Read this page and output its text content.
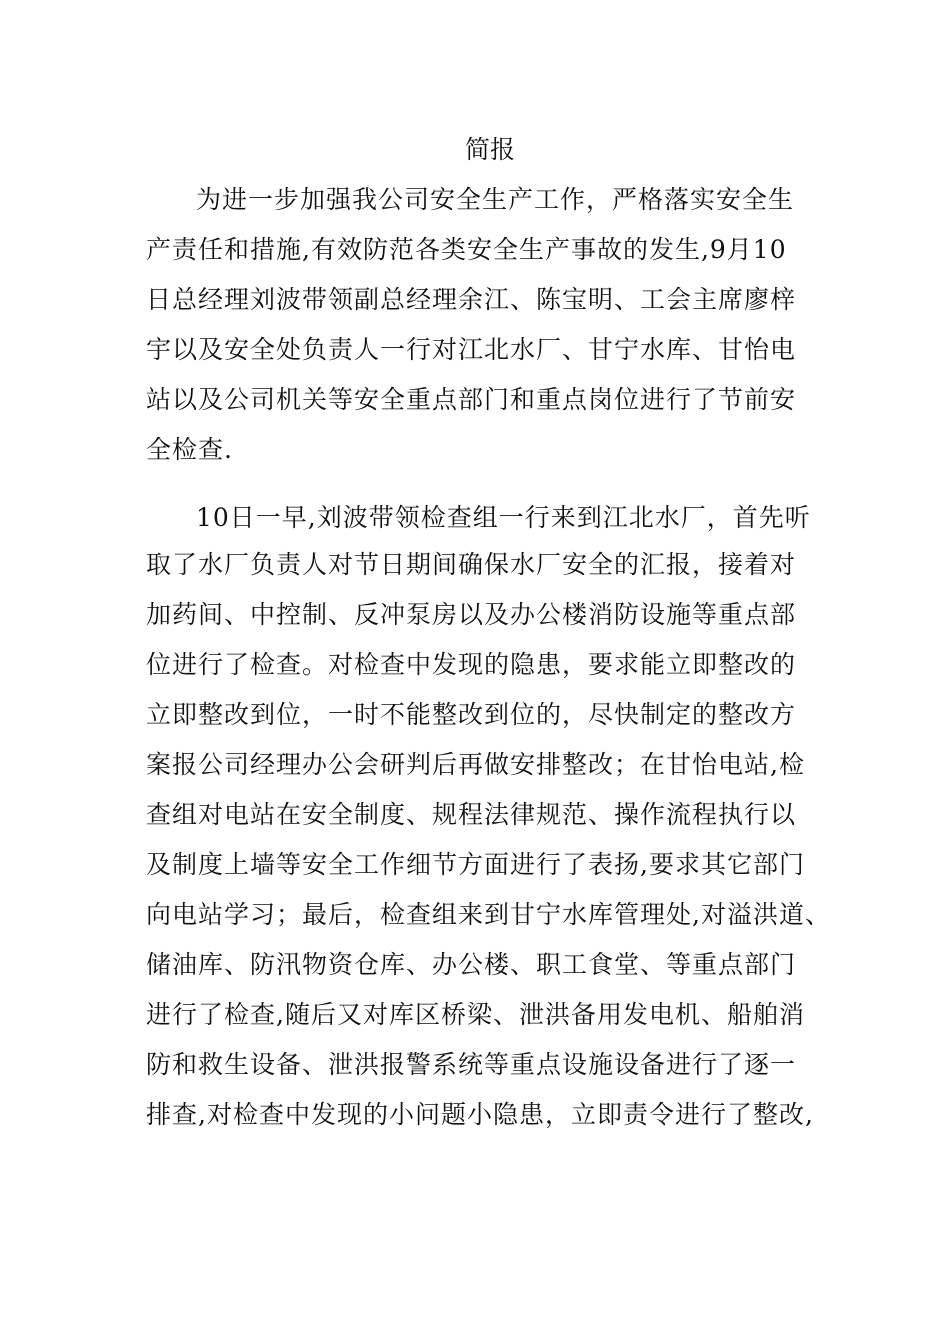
简报
为进一步加强我公司安全生产工作，严格落实安全生
产责任和措施,有效防范各类安全生产事故的发生,9月10
日总经理刘波带领副总经理余江、陈宝明、工会主席廖梓
宇以及安全处负责人一行对江北水厂、甘宁水库、甘怡电
站以及公司机关等安全重点部门和重点岗位进行了节前安
全检查.
10日一早,刘波带领检查组一行来到江北水厂，首先听
取了水厂负责人对节日期间确保水厂安全的汇报，接着对
加药间、中控制、反冲泵房以及办公楼消防设施等重点部
位进行了检查。对检查中发现的隐患，要求能立即整改的
立即整改到位，一时不能整改到位的，尽快制定的整改方
案报公司经理办公会研判后再做安排整改；在甘怡电站,检
查组对电站在安全制度、规程法律规范、操作流程执行以
及制度上墙等安全工作细节方面进行了表扬,要求其它部门
向电站学习；最后，检查组来到甘宁水库管理处,对溢洪道、
储油库、防汛物资仓库、办公楼、职工食堂、等重点部门
进行了检查,随后又对库区桥梁、泄洪备用发电机、船舶消
防和救生设备、泄洪报警系统等重点设施设备进行了逐一
排查,对检查中发现的小问题小隐患，立即责令进行了整改,
